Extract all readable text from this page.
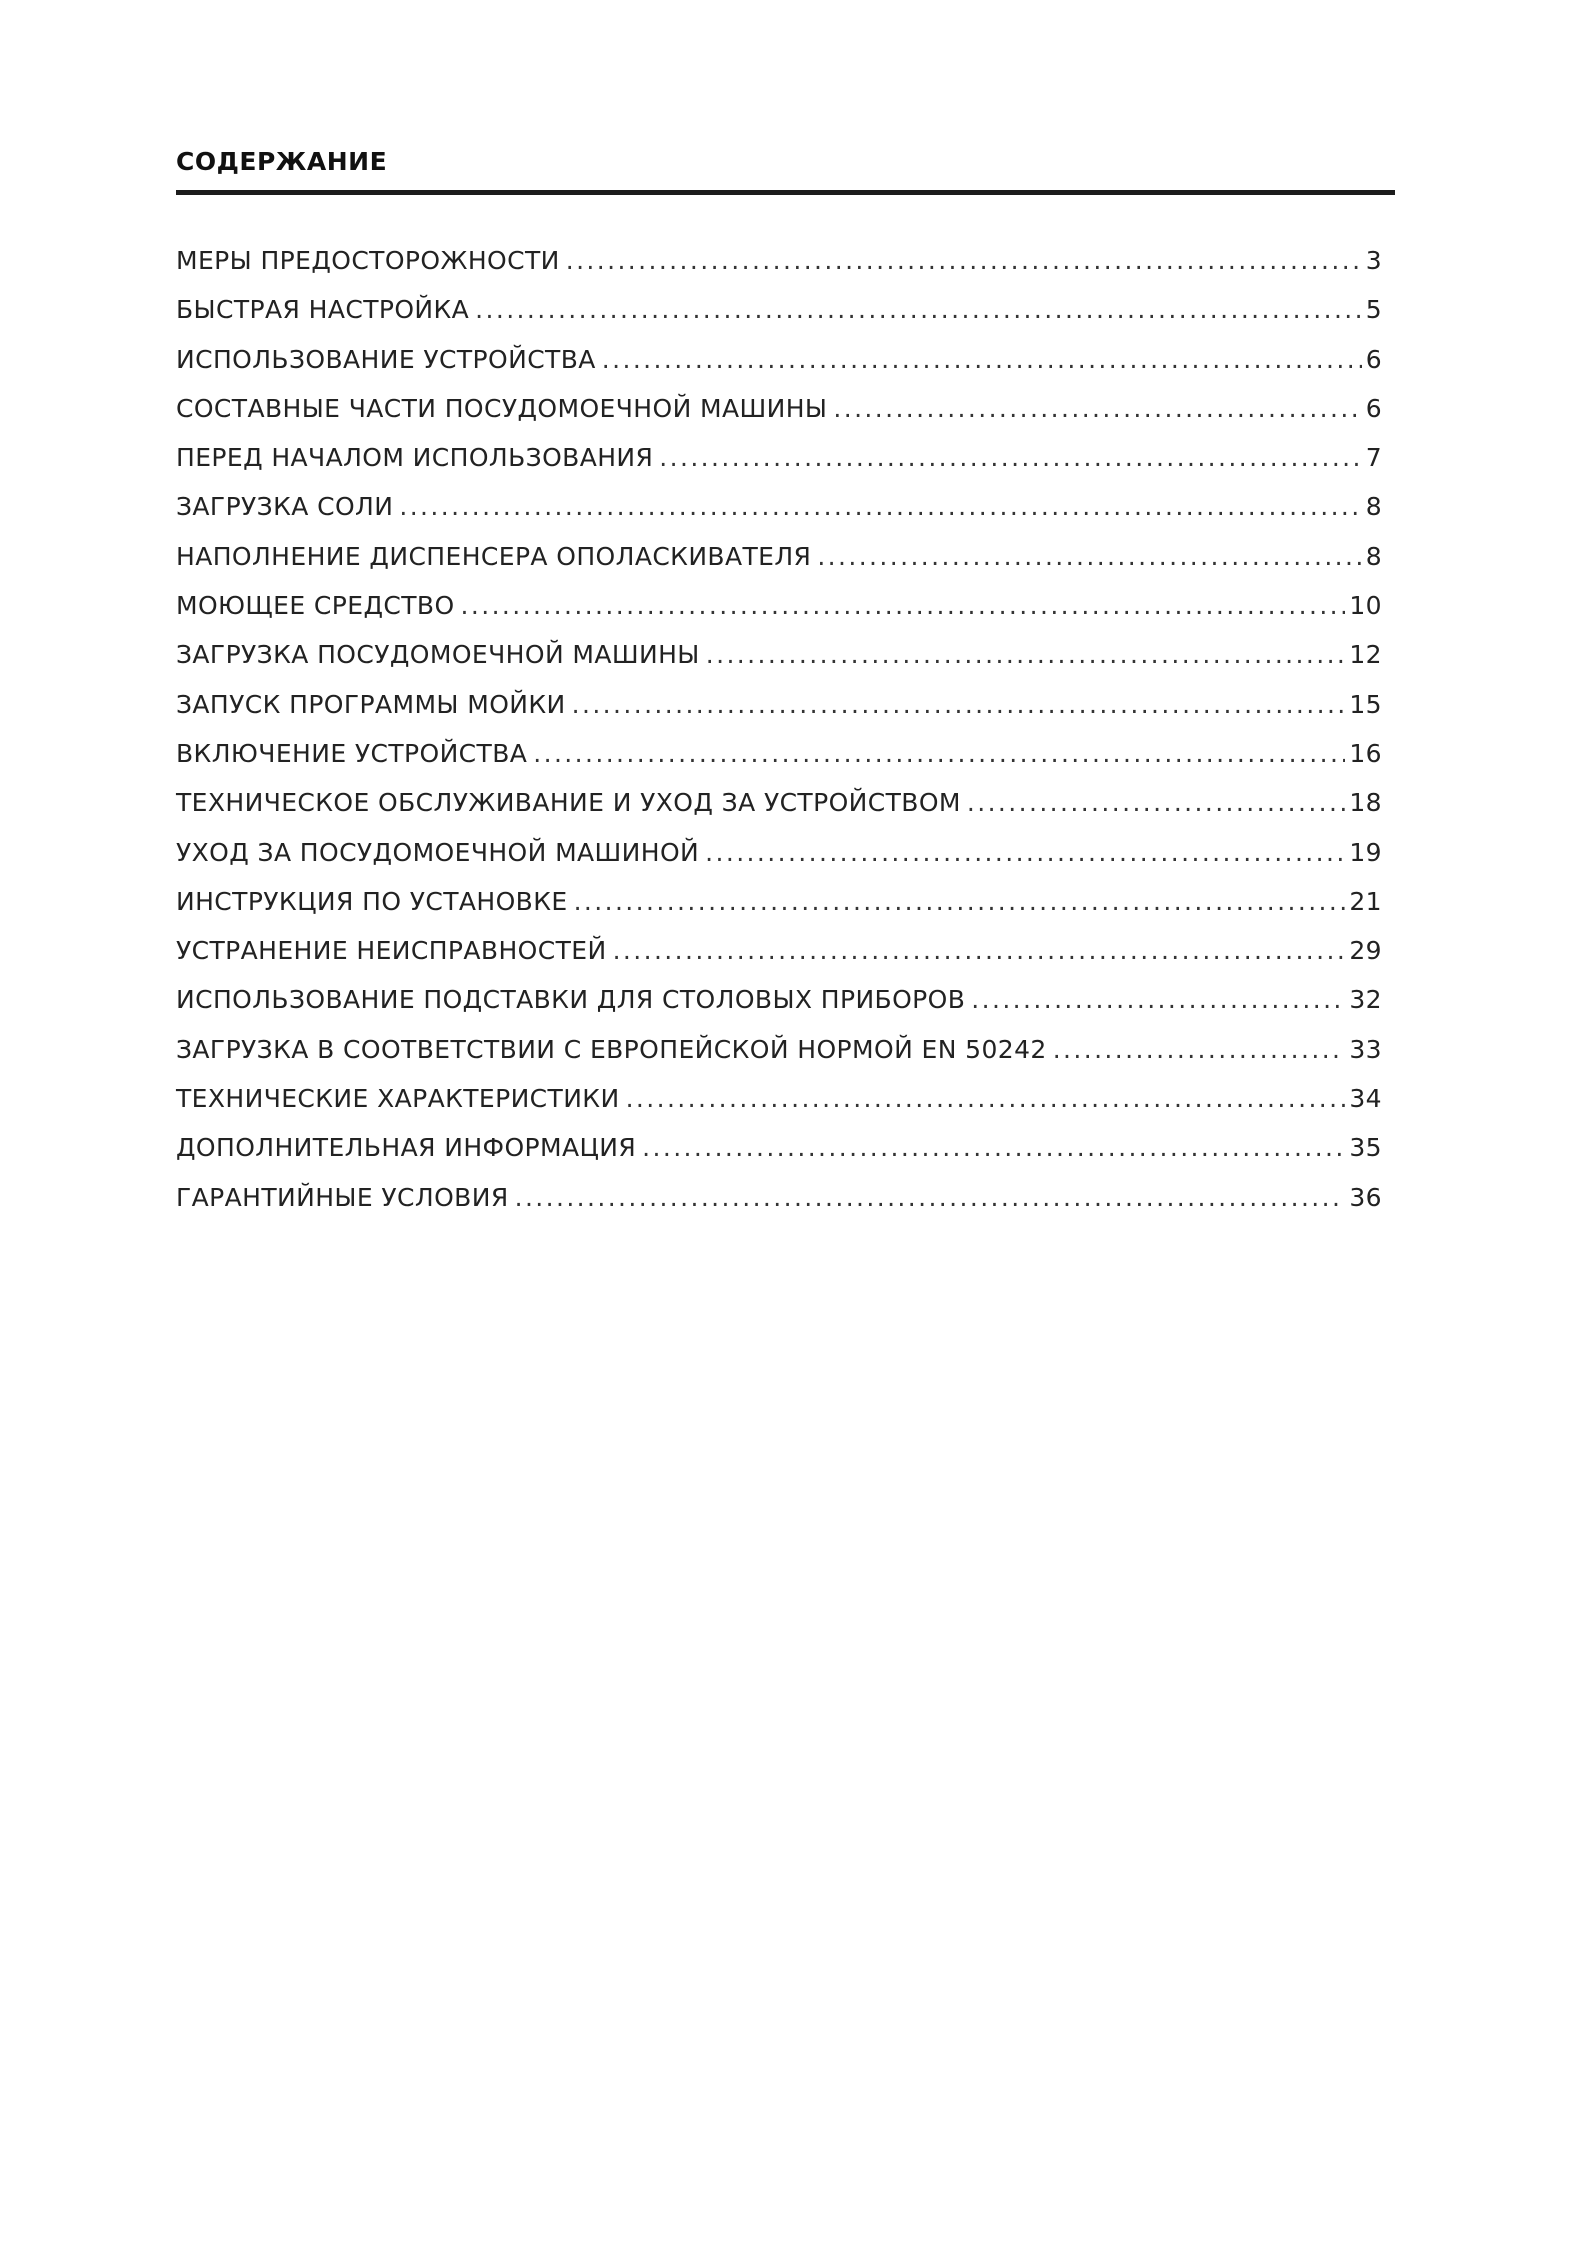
СОДЕРЖАНИЕ
МЕРЫ ПРЕДОСТОРОЖНОСТИ .....	3
БЫСТРАЯ НАСТРОЙКА .....	5
ИСПОЛЬЗОВАНИЕ УСТРОЙСТВА .....	6
СОСТАВНЫЕ ЧАСТИ ПОСУДОМОЕЧНОЙ МАШИНЫ .....	6
ПЕРЕД НАЧАЛОМ ИСПОЛЬЗОВАНИЯ .....	7
ЗАГРУЗКА СОЛИ .....	8
НАПОЛНЕНИЕ ДИСПЕНСЕРА ОПОЛАСКИВАТЕЛЯ .....	8
МОЮЩЕЕ СРЕДСТВО .....	10
ЗАГРУЗКА ПОСУДОМОЕЧНОЙ МАШИНЫ .....	12
ЗАПУСК ПРОГРАММЫ МОЙКИ .....	15
ВКЛЮЧЕНИЕ УСТРОЙСТВА .....	16
ТЕХНИЧЕСКОЕ ОБСЛУЖИВАНИЕ И УХОД ЗА УСТРОЙСТВОМ .....	18
УХОД ЗА ПОСУДОМОЕЧНОЙ МАШИНОЙ .....	19
ИНСТРУКЦИЯ ПО УСТАНОВКЕ .....	21
УСТРАНЕНИЕ НЕИСПРАВНОСТЕЙ .....	29
ИСПОЛЬЗОВАНИЕ ПОДСТАВКИ ДЛЯ СТОЛОВЫХ ПРИБОРОВ .....	32
ЗАГРУЗКА В СООТВЕТСТВИИ С ЕВРОПЕЙСКОЙ НОРМОЙ EN 50242 .....	33
ТЕХНИЧЕСКИЕ ХАРАКТЕРИСТИКИ .....	34
ДОПОЛНИТЕЛЬНАЯ ИНФОРМАЦИЯ .....	35
ГАРАНТИЙНЫЕ УСЛОВИЯ .....	36
